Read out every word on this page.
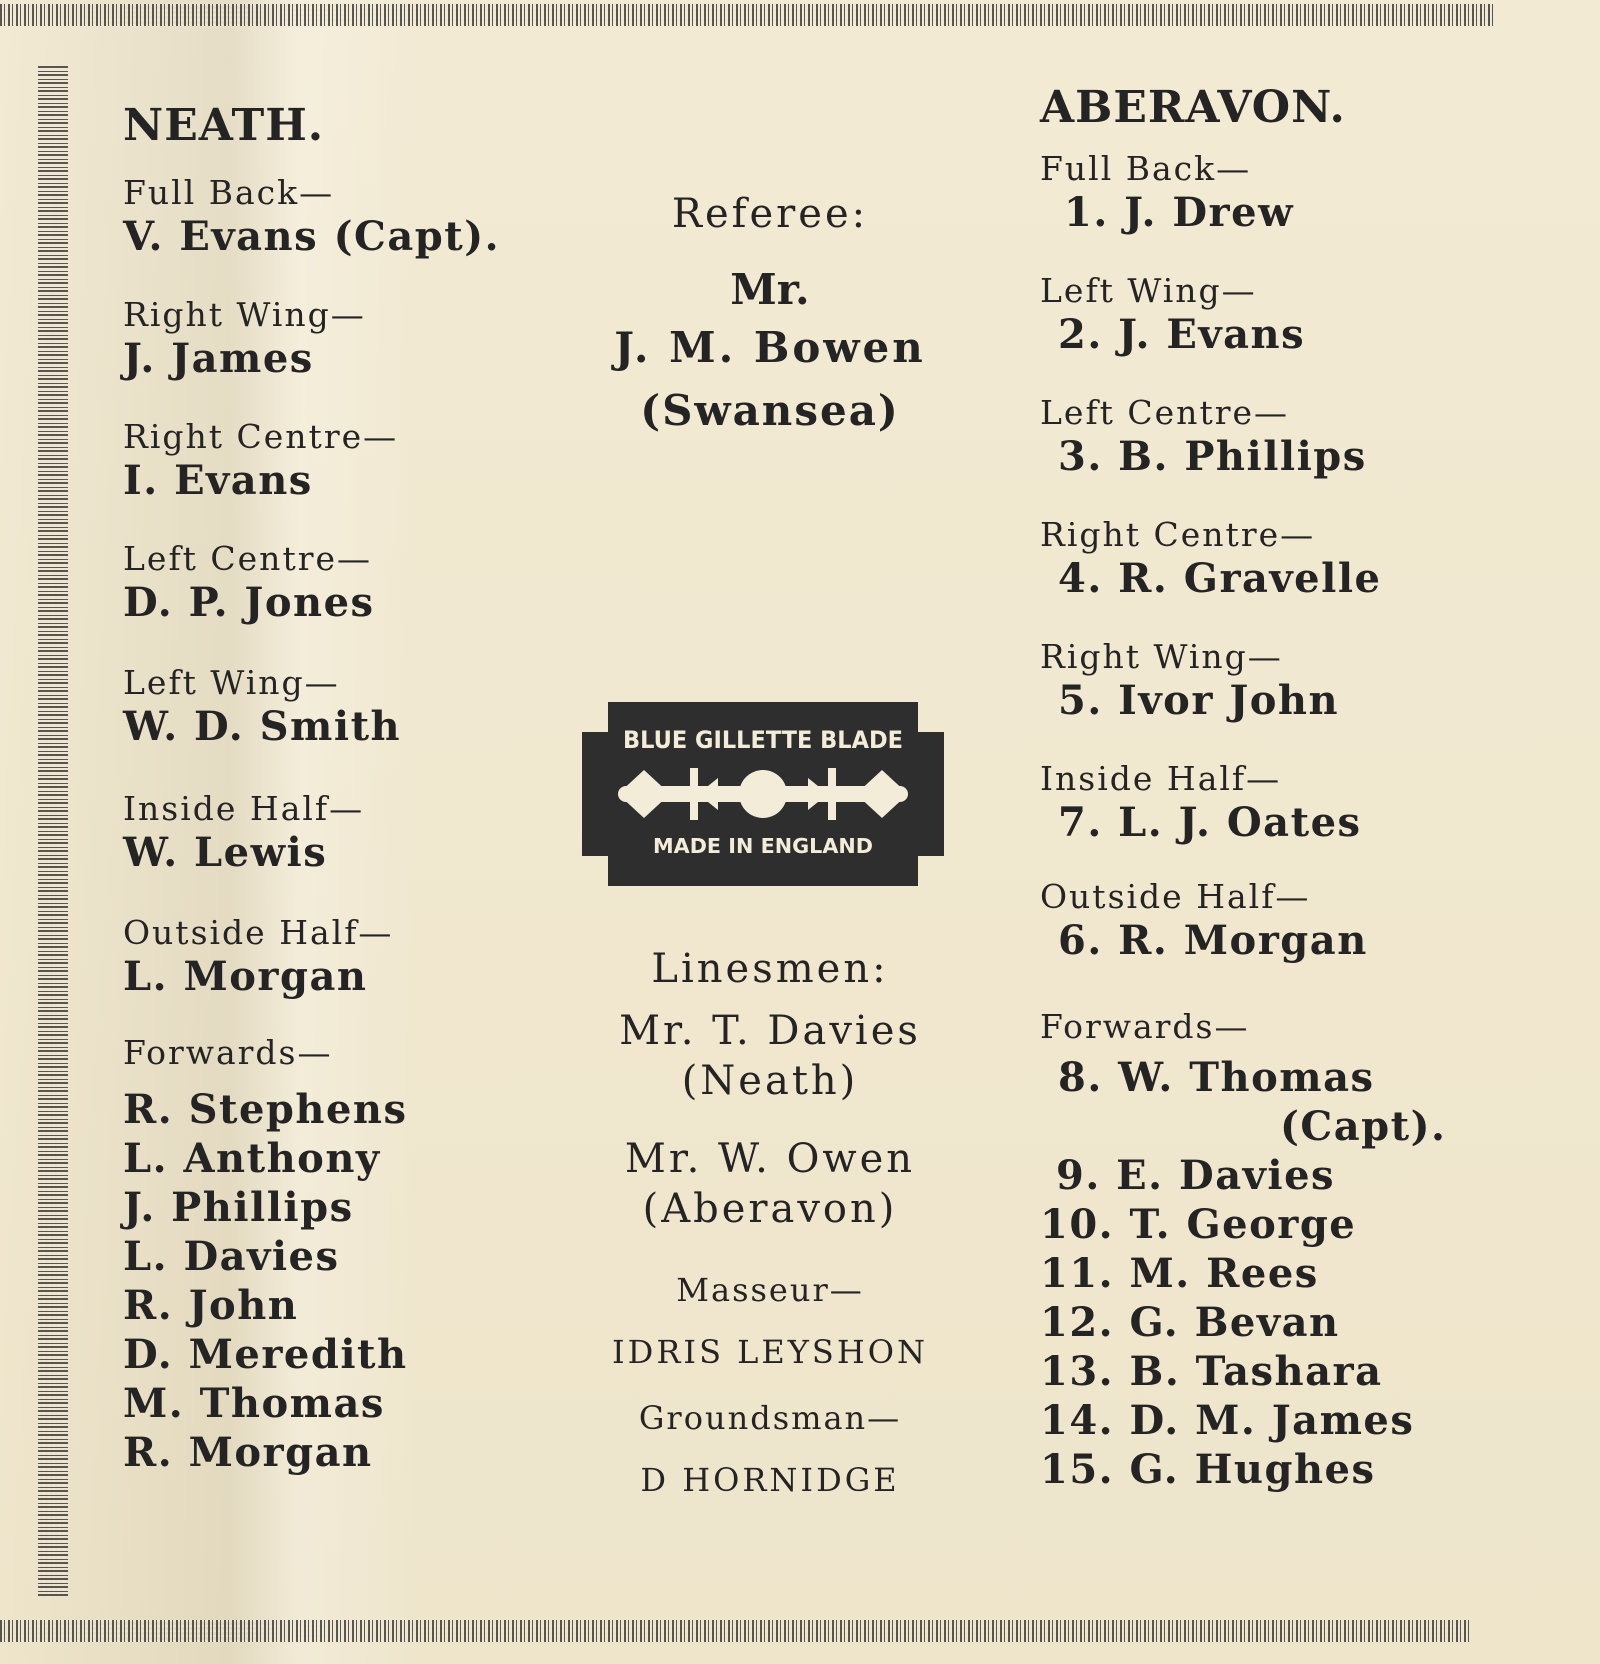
NEATH.
Full Back—
V. Evans (Capt).
Right Wing—
J. James
Right Centre—
I. Evans
Left Centre—
D. P. Jones
Left Wing—
W. D. Smith
Inside Half—
W. Lewis
Outside Half—
L. Morgan
Forwards—
R. Stephens
L. Anthony
J. Phillips
L. Davies
R. John
D. Meredith
M. Thomas
R. Morgan
Referee:
Mr.
J. M. Bowen
(Swansea)
BLUE GILLETTE BLADE
MADE IN ENGLAND
Linesmen:
Mr. T. Davies
(Neath)
Mr. W. Owen
(Aberavon)
Masseur—
IDRIS LEYSHON
Groundsman—
D HORNIDGE
ABERAVON.
Full Back—
1. J. Drew
Left Wing—
2. J. Evans
Left Centre—
3. B. Phillips
Right Centre—
4. R. Gravelle
Right Wing—
5. Ivor John
Inside Half—
7. L. J. Oates
Outside Half—
6. R. Morgan
Forwards—
8. W. Thomas
(Capt).
9. E. Davies
10. T. George
11. M. Rees
12. G. Bevan
13. B. Tashara
14. D. M. James
15. G. Hughes
